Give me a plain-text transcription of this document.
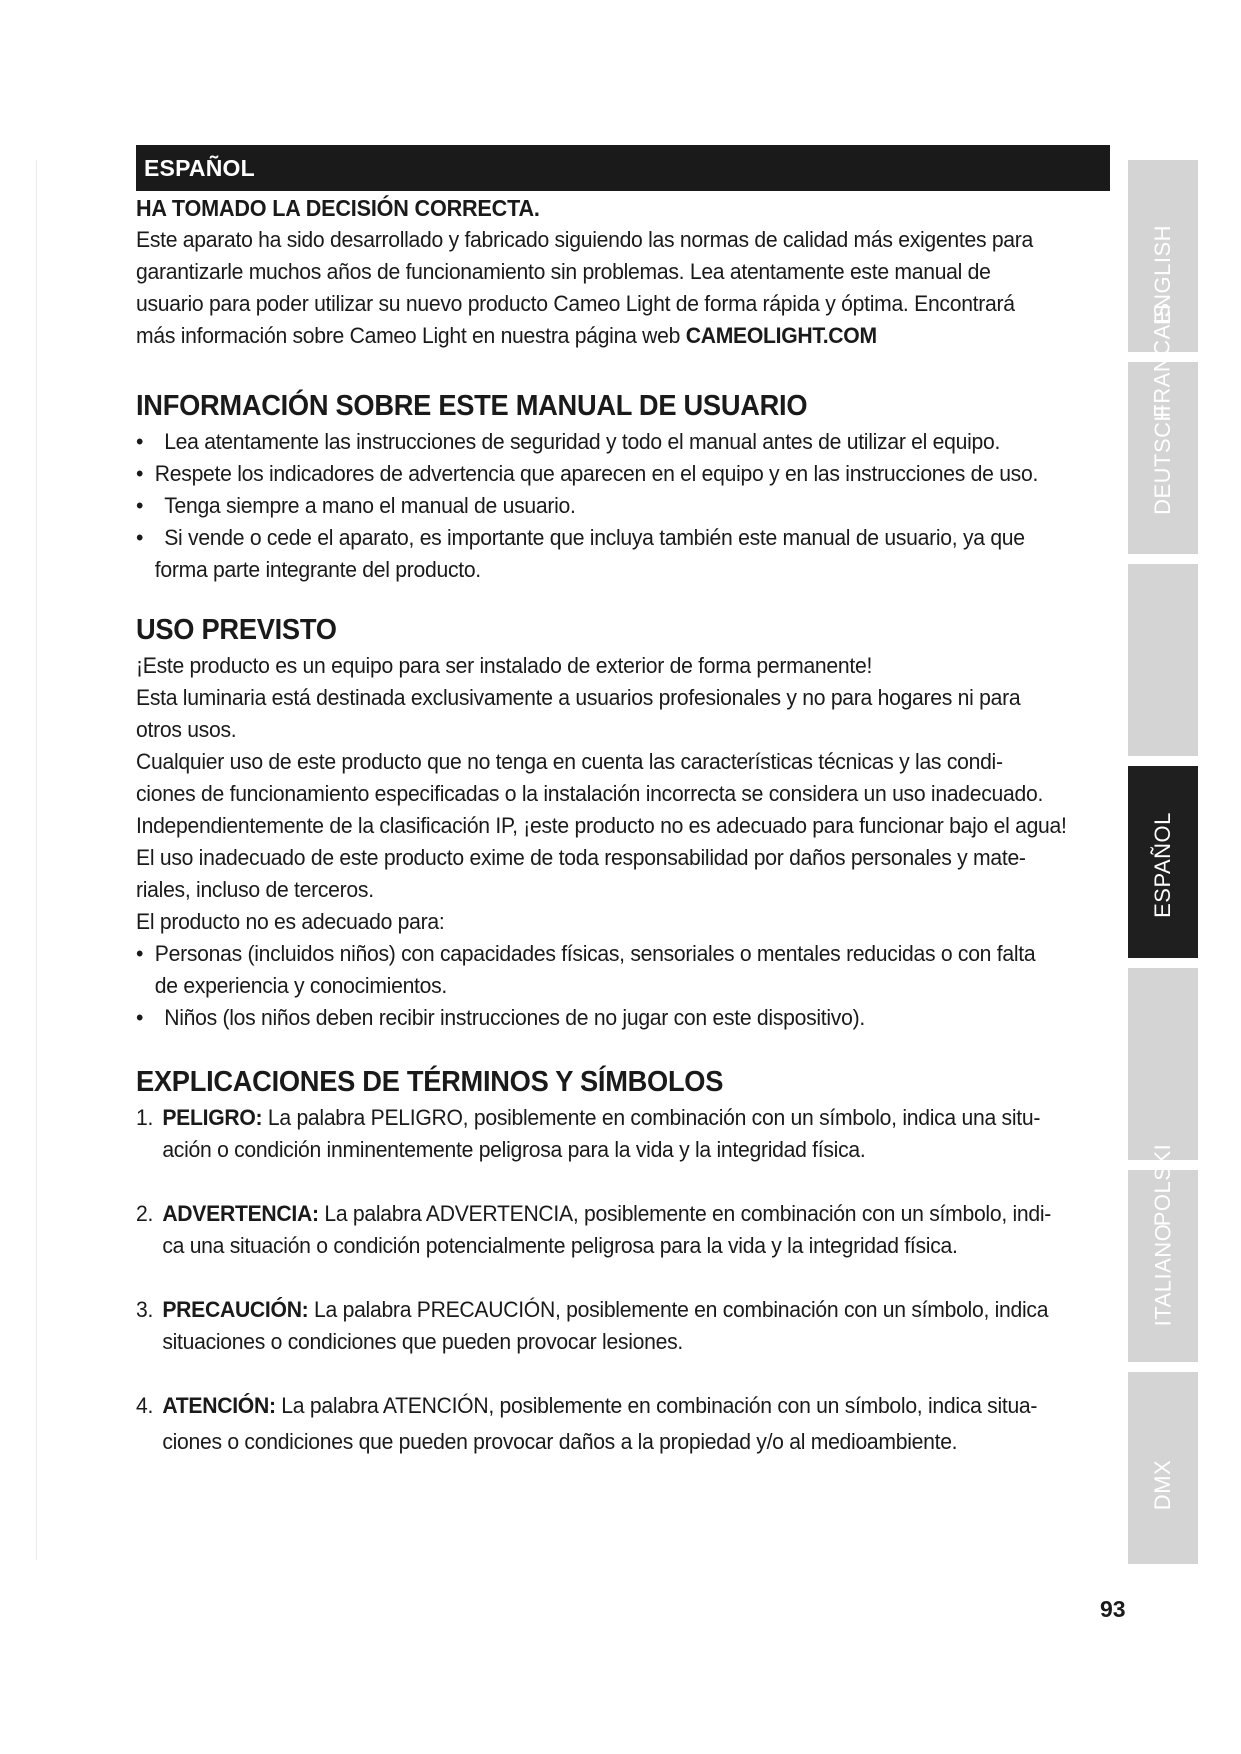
ESPAÑOL
HA TOMADO LA DECISIÓN CORRECTA.

Este aparato ha sido desarrollado y fabricado siguiendo las normas de calidad más exigentes para

garantizarle muchos años de funcionamiento sin problemas. Lea atentamente este manual de

usuario para poder utilizar su nuevo producto Cameo Light de forma rápida y óptima. Encontrará

más información sobre Cameo Light en nuestra página web CAMEOLIGHT.COM

INFORMACIÓN SOBRE ESTE MANUAL DE USUARIO

• Lea atentamente las instrucciones de seguridad y todo el manual antes de utilizar el equipo.

• Respete los indicadores de advertencia que aparecen en el equipo y en las instrucciones de uso.

• Tenga siempre a mano el manual de usuario.

• Si vende o cede el aparato, es importante que incluya también este manual de usuario, ya que

forma parte integrante del producto.

USO PREVISTO

¡Este producto es un equipo para ser instalado de exterior de forma permanente!

Esta luminaria está destinada exclusivamente a usuarios profesionales y no para hogares ni para

otros usos.

Cualquier uso de este producto que no tenga en cuenta las características técnicas y las condi-

ciones de funcionamiento especificadas o la instalación incorrecta se considera un uso inadecuado.

Independientemente de la clasificación IP, ¡este producto no es adecuado para funcionar bajo el agua!

El uso inadecuado de este producto exime de toda responsabilidad por daños personales y mate-

riales, incluso de terceros.

El producto no es adecuado para:

• Personas (incluidos niños) con capacidades físicas, sensoriales o mentales reducidas o con falta

de experiencia y conocimientos.

• Niños (los niños deben recibir instrucciones de no jugar con este dispositivo).

EXPLICACIONES DE TÉRMINOS Y SÍMBOLOS

1. PELIGRO: La palabra PELIGRO, posiblemente en combinación con un símbolo, indica una situ-

ación o condición inminentemente peligrosa para la vida y la integridad física.

2. ADVERTENCIA: La palabra ADVERTENCIA, posiblemente en combinación con un símbolo, indi-

ca una situación o condición potencialmente peligrosa para la vida y la integridad física.

3. PRECAUCIÓN: La palabra PRECAUCIÓN, posiblemente en combinación con un símbolo, indica

situaciones o condiciones que pueden provocar lesiones.

4. ATENCIÓN: La palabra ATENCIÓN, posiblemente en combinación con un símbolo, indica situa-

ciones o condiciones que pueden provocar daños a la propiedad y/o al medioambiente.

ENGLISH
FRANCAIS
DEUTSCH
ESPAÑOL
POLSKI
ITALIANO
DMX
93
